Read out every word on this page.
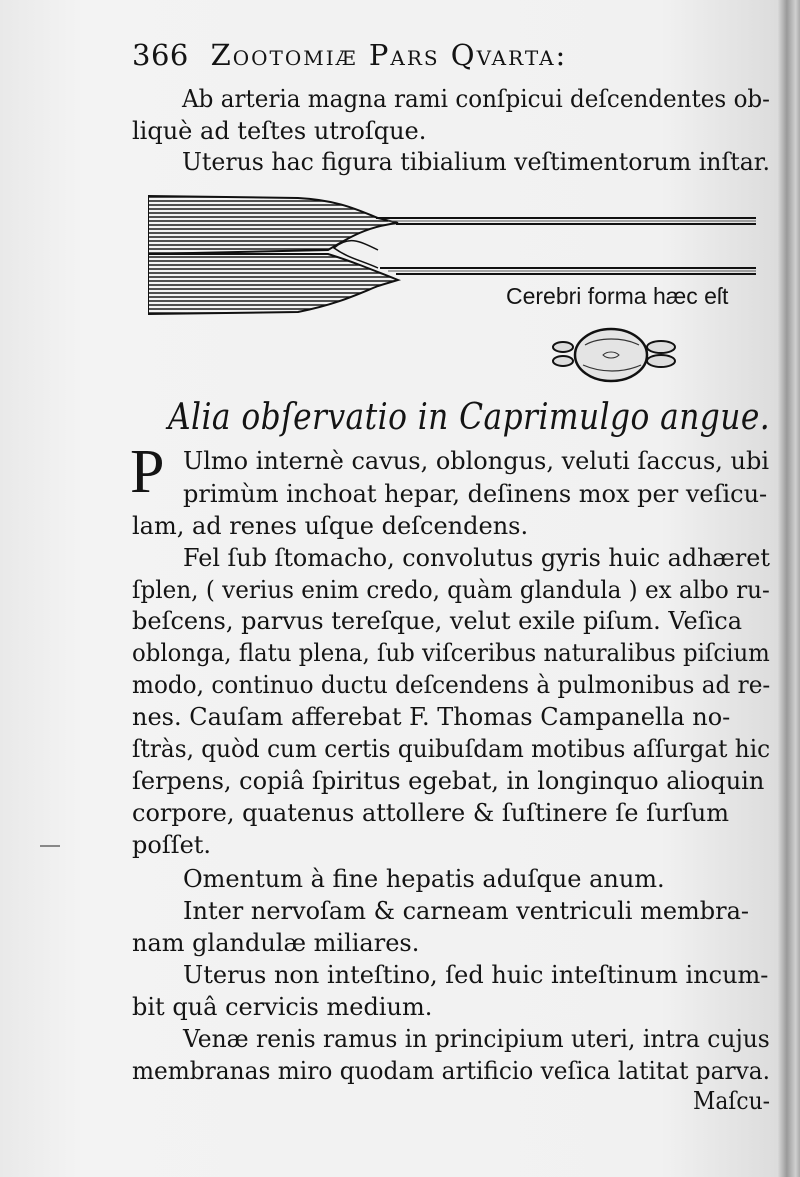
366 Zootomiæ Pars Qvarta:
Ab arteria magna rami conſpicui deſcendentes ob-
liquè ad teſtes utroſque.
Uterus hac figura tibialium veſtimentorum inſtar.
Cerebri forma hæc eſt
Alia obſervatio in Caprimulgo angue.
P Ulmo internè cavus, oblongus, veluti ſaccus, ubi
primùm inchoat hepar, deſinens mox per veſicu-
lam, ad renes uſque deſcendens.
Fel ſub ſtomacho, convolutus gyris huic adhæret
ſplen, ( verius enim credo, quàm glandula ) ex albo ru-
beſcens, parvus tereſque, velut exile piſum. Veſica
oblonga, flatu plena, ſub viſceribus naturalibus piſcium
modo, continuo ductu deſcendens à pulmonibus ad re-
nes. Cauſam afferebat F. Thomas Campanella no-
ſtràs, quòd cum certis quibuſdam motibus aſſurgat hic
ſerpens, copiâ ſpiritus egebat, in longinquo alioquin
corpore, quatenus attollere & ſuſtinere ſe ſurſum
poſſet.
Omentum à fine hepatis aduſque anum.
Inter nervoſam & carneam ventriculi membra-
nam glandulæ miliares.
Uterus non inteſtino, ſed huic inteſtinum incum-
bit quâ cervicis medium.
Venæ renis ramus in principium uteri, intra cujus
membranas miro quodam artificio veſica latitat parva.
Maſcu-
